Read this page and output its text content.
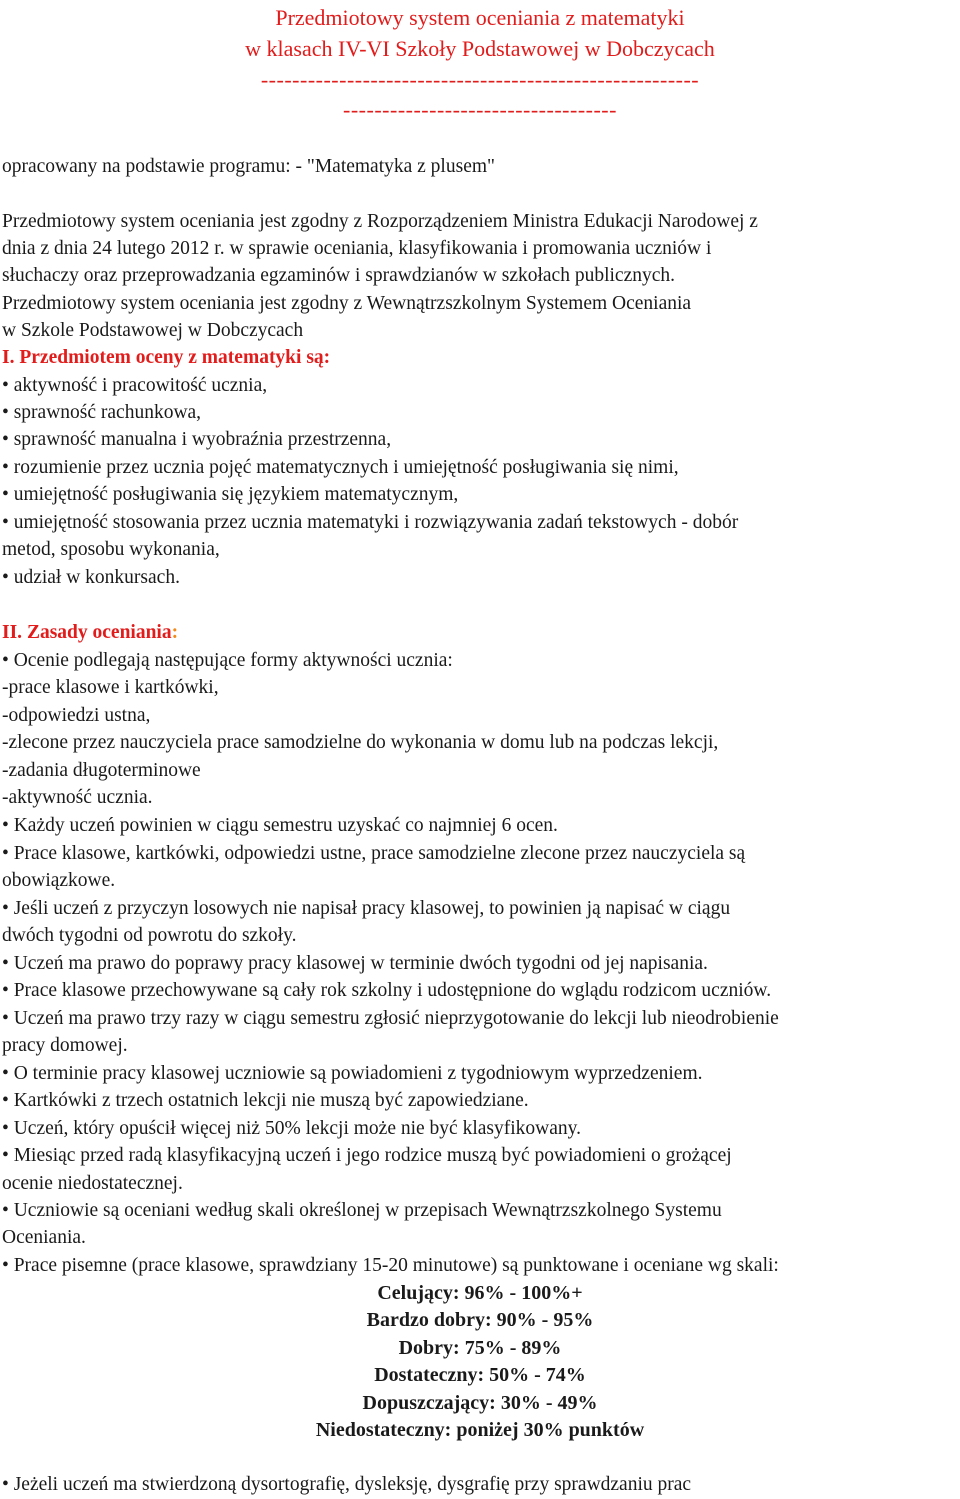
Przedmiotowy system oceniania z matematyki
w klasach IV-VI Szkoły Podstawowej w Dobczycach
--------------------------------------------------------
-----------------------------------
opracowany na podstawie programu: - "Matematyka z plusem"
Przedmiotowy system oceniania jest zgodny z Rozporządzeniem Ministra Edukacji Narodowej z
dnia z dnia 24 lutego 2012 r. w sprawie oceniania, klasyfikowania i promowania uczniów i
słuchaczy oraz przeprowadzania egzaminów i sprawdzianów w szkołach publicznych.
Przedmiotowy system oceniania jest zgodny z Wewnątrzszkolnym Systemem Oceniania
w Szkole Podstawowej w Dobczycach
I. Przedmiotem oceny z matematyki są:
• aktywność i pracowitość ucznia,
• sprawność rachunkowa,
• sprawność manualna i wyobraźnia przestrzenna,
• rozumienie przez ucznia pojęć matematycznych i umiejętność posługiwania się nimi,
• umiejętność posługiwania się językiem matematycznym,
• umiejętność stosowania przez ucznia matematyki i rozwiązywania zadań tekstowych - dobór
metod, sposobu wykonania,
• udział w konkursach.
II. Zasady oceniania:
• Ocenie podlegają następujące formy aktywności ucznia:
-prace klasowe i kartkówki,
-odpowiedzi ustna,
-zlecone przez nauczyciela prace samodzielne do wykonania w domu lub na podczas lekcji,
-zadania długoterminowe
-aktywność ucznia.
• Każdy uczeń powinien w ciągu semestru uzyskać co najmniej 6 ocen.
• Prace klasowe, kartkówki, odpowiedzi ustne, prace samodzielne zlecone przez nauczyciela są
obowiązkowe.
• Jeśli uczeń z przyczyn losowych nie napisał pracy klasowej, to powinien ją napisać w ciągu
dwóch tygodni od powrotu do szkoły.
• Uczeń ma prawo do poprawy pracy klasowej w terminie dwóch tygodni od jej napisania.
• Prace klasowe przechowywane są cały rok szkolny i udostępnione do wglądu rodzicom uczniów.
• Uczeń ma prawo trzy razy w ciągu semestru zgłosić nieprzygotowanie do lekcji lub nieodrobienie
pracy domowej.
• O terminie pracy klasowej uczniowie są powiadomieni z tygodniowym wyprzedzeniem.
• Kartkówki z trzech ostatnich lekcji nie muszą być zapowiedziane.
• Uczeń, który opuścił więcej niż 50% lekcji może nie być klasyfikowany.
• Miesiąc przed radą klasyfikacyjną uczeń i jego rodzice muszą być powiadomieni o grożącej
ocenie niedostatecznej.
• Uczniowie są oceniani według skali określonej w przepisach Wewnątrzszkolnego Systemu
Oceniania.
• Prace pisemne (prace klasowe, sprawdziany 15-20 minutowe) są punktowane i oceniane wg skali:
Celujący: 96% - 100%+
Bardzo dobry: 90% - 95%
Dobry: 75% - 89%
Dostateczny: 50% - 74%
Dopuszczający: 30% - 49%
Niedostateczny: poniżej 30% punktów
• Jeżeli uczeń ma stwierdzoną dysortografię, dysleksję, dysgrafię przy sprawdzaniu prac
